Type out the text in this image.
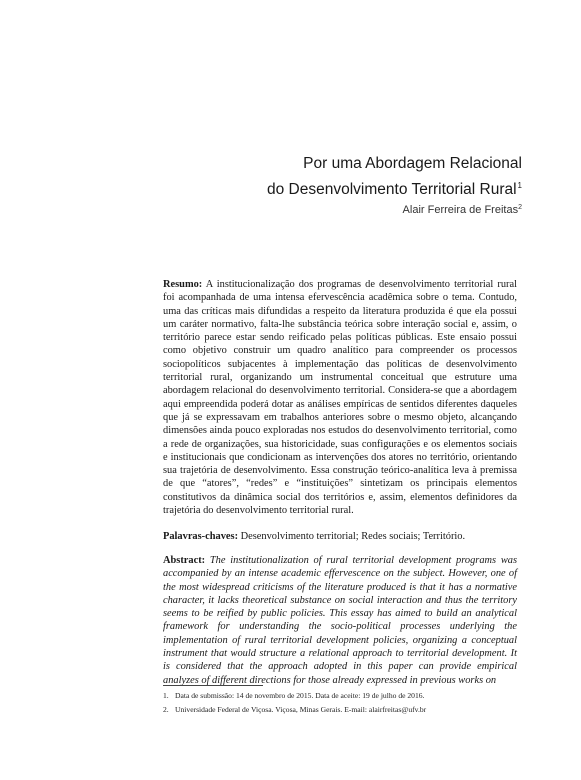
Por uma Abordagem Relacional
do Desenvolvimento Territorial Rural$^1$
Alair Ferreira de Freitas$^2$
Resumo: A institucionalização dos programas de desenvolvimento territorial rural foi acompanhada de uma intensa efervescência acadêmica sobre o tema. Contudo, uma das críticas mais difundidas a respeito da literatura produzida é que ela possui um caráter normativo, falta-lhe substância teórica sobre interação social e, assim, o território parece estar sendo reificado pelas políticas públicas. Este ensaio possui como objetivo construir um quadro analítico para compreender os processos sociopolíticos subjacentes à implementação das políticas de desenvolvimento territorial rural, organizando um instrumental conceitual que estruture uma abordagem relacional do desenvolvimento territorial. Considera-se que a abordagem aqui empreendida poderá dotar as análises empíricas de sentidos diferentes daqueles que já se expressavam em trabalhos anteriores sobre o mesmo objeto, alcançando dimensões ainda pouco exploradas nos estudos do desenvolvimento territorial, como a rede de organizações, sua historicidade, suas configurações e os elementos sociais e institucionais que condicionam as intervenções dos atores no território, orientando sua trajetória de desenvolvimento. Essa construção teórico-analítica leva à premissa de que “atores”, “redes” e “instituições” sintetizam os principais elementos constitutivos da dinâmica social dos territórios e, assim, elementos definidores da trajetória do desenvolvimento territorial rural.
Palavras-chaves: Desenvolvimento territorial; Redes sociais; Território.
Abstract: The institutionalization of rural territorial development programs was accompanied by an intense academic effervescence on the subject. However, one of the most widespread criticisms of the literature produced is that it has a normative character, it lacks theoretical substance on social interaction and thus the territory seems to be reified by public policies. This essay has aimed to build an analytical framework for understanding the socio-political processes underlying the implementation of rural territorial development policies, organizing a conceptual instrument that would structure a relational approach to territorial development. It is considered that the approach adopted in this paper can provide empirical analyzes of different directions for those already expressed in previous works on
1. Data de submissão: 14 de novembro de 2015. Data de aceite: 19 de julho de 2016.
2. Universidade Federal de Viçosa. Viçosa, Minas Gerais. E-mail: alairfreitas@ufv.br
